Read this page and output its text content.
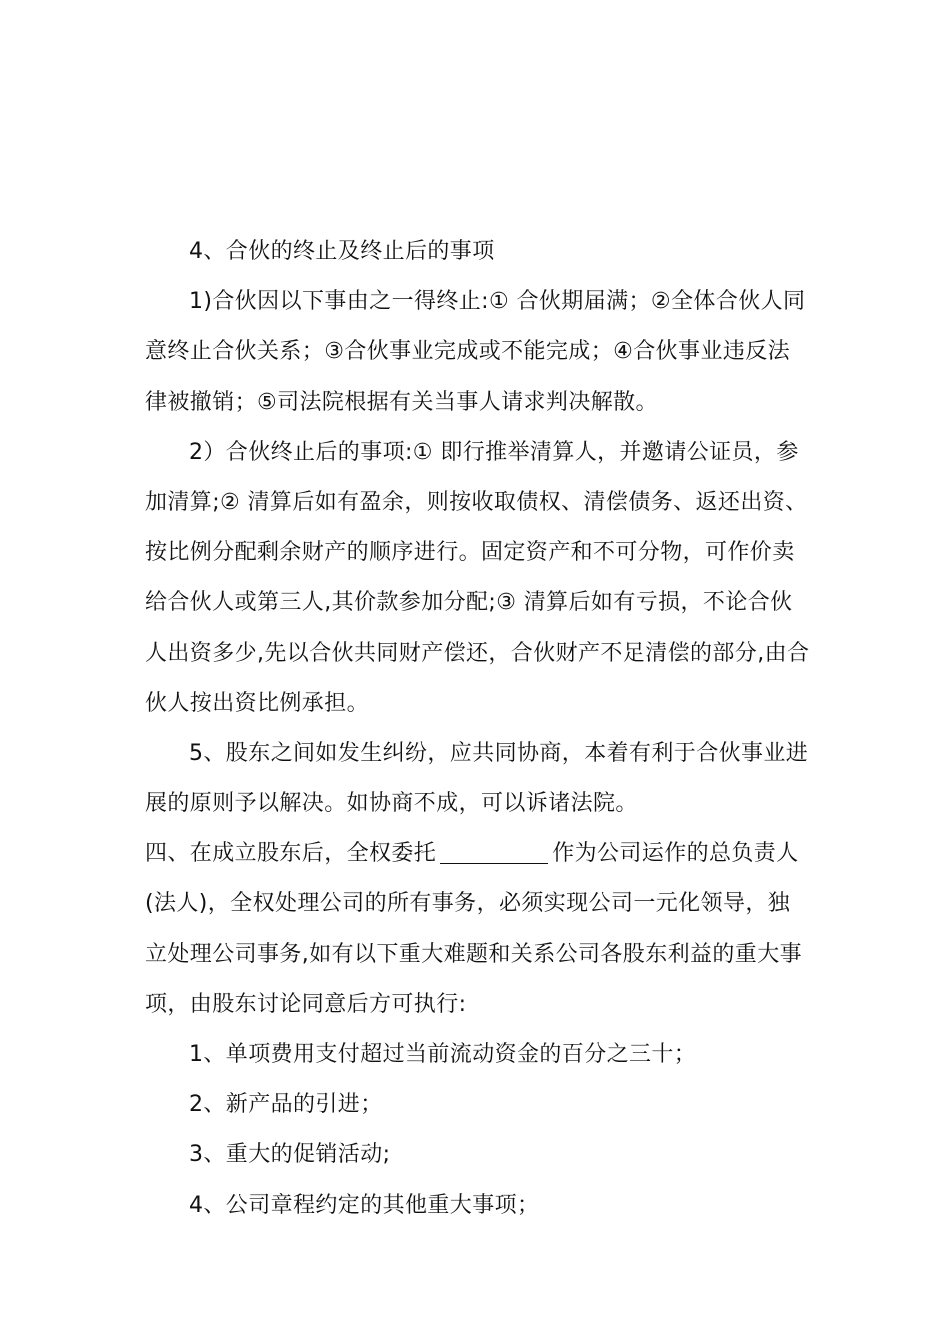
4、合伙的终止及终止后的事项
1)合伙因以下事由之一得终止:① 合伙期届满；②全体合伙人同
意终止合伙关系；③合伙事业完成或不能完成；④合伙事业违反法
律被撤销；⑤司法院根据有关当事人请求判决解散。
2）合伙终止后的事项:① 即行推举清算人，并邀请公证员，参
加清算;② 清算后如有盈余，则按收取债权、清偿债务、返还出资、
按比例分配剩余财产的顺序进行。固定资产和不可分物，可作价卖
给合伙人或第三人,其价款参加分配;③ 清算后如有亏损，不论合伙
人出资多少,先以合伙共同财产偿还，合伙财产不足清偿的部分,由合
伙人按出资比例承担。
5、股东之间如发生纠纷，应共同协商，本着有利于合伙事业进
展的原则予以解决。如协商不成，可以诉诸法院。
四、在成立股东后，全权委托	作为公司运作的总负责人
(法人)，全权处理公司的所有事务，必须实现公司一元化领导，独
立处理公司事务,如有以下重大难题和关系公司各股东利益的重大事
项，由股东讨论同意后方可执行:
1、单项费用支付超过当前流动资金的百分之三十；
2、新产品的引进；
3、重大的促销活动;
4、公司章程约定的其他重大事项；
